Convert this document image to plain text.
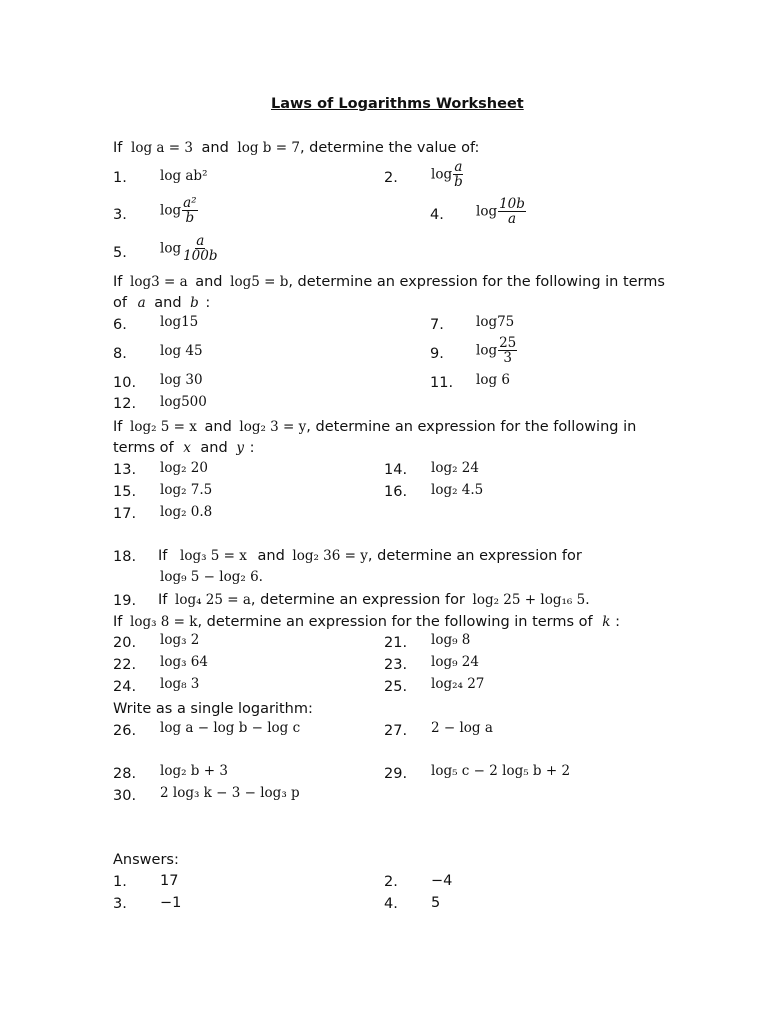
Laws of Logarithms Worksheet
If log a = 3 and log b = 7, determine the value of:
1. log ab²	2. $\log \frac{a}{b}$
3. $\log \frac{\text{a²}}{b}$	4. $\log \frac{10b}{a}$
5. $\log \frac{a}{100b}$
If log3 = a and log5 = b, determine an expression for the following in terms
of a and b :
6. log15	7. log75
8. log 45	9. $\log \frac{25}{3}$
10. log 30	11. log 6
12. log500
If log₂ 5 = x and log₂ 3 = y, determine an expression for the following in
terms of x and y :
13. log₂ 20	14. log₂ 24
15. log₂ 7.5	16. log₂ 4.5
17. log₂ 0.8
18. If log₃ 5 = x and log₂ 36 = y, determine an expression for
log₉ 5 − log₂ 6.
19. If log₄ 25 = a, determine an expression for log₂ 25 + log₁₆ 5.
If log₃ 8 = k, determine an expression for the following in terms of k :
20. log₃ 2	21. log₉ 8
22. log₃ 64	23. log₉ 24
24. log₈ 3	25. log₂₄ 27
Write as a single logarithm:
26. log a − log b − log c	27. 2 − log a
28. log₂ b + 3	29. log₅ c − 2 log₅ b + 2
30. 2 log₃ k − 3 − log₃ p
Answers:
1. 17	2. −4
3. −1	4. 5
